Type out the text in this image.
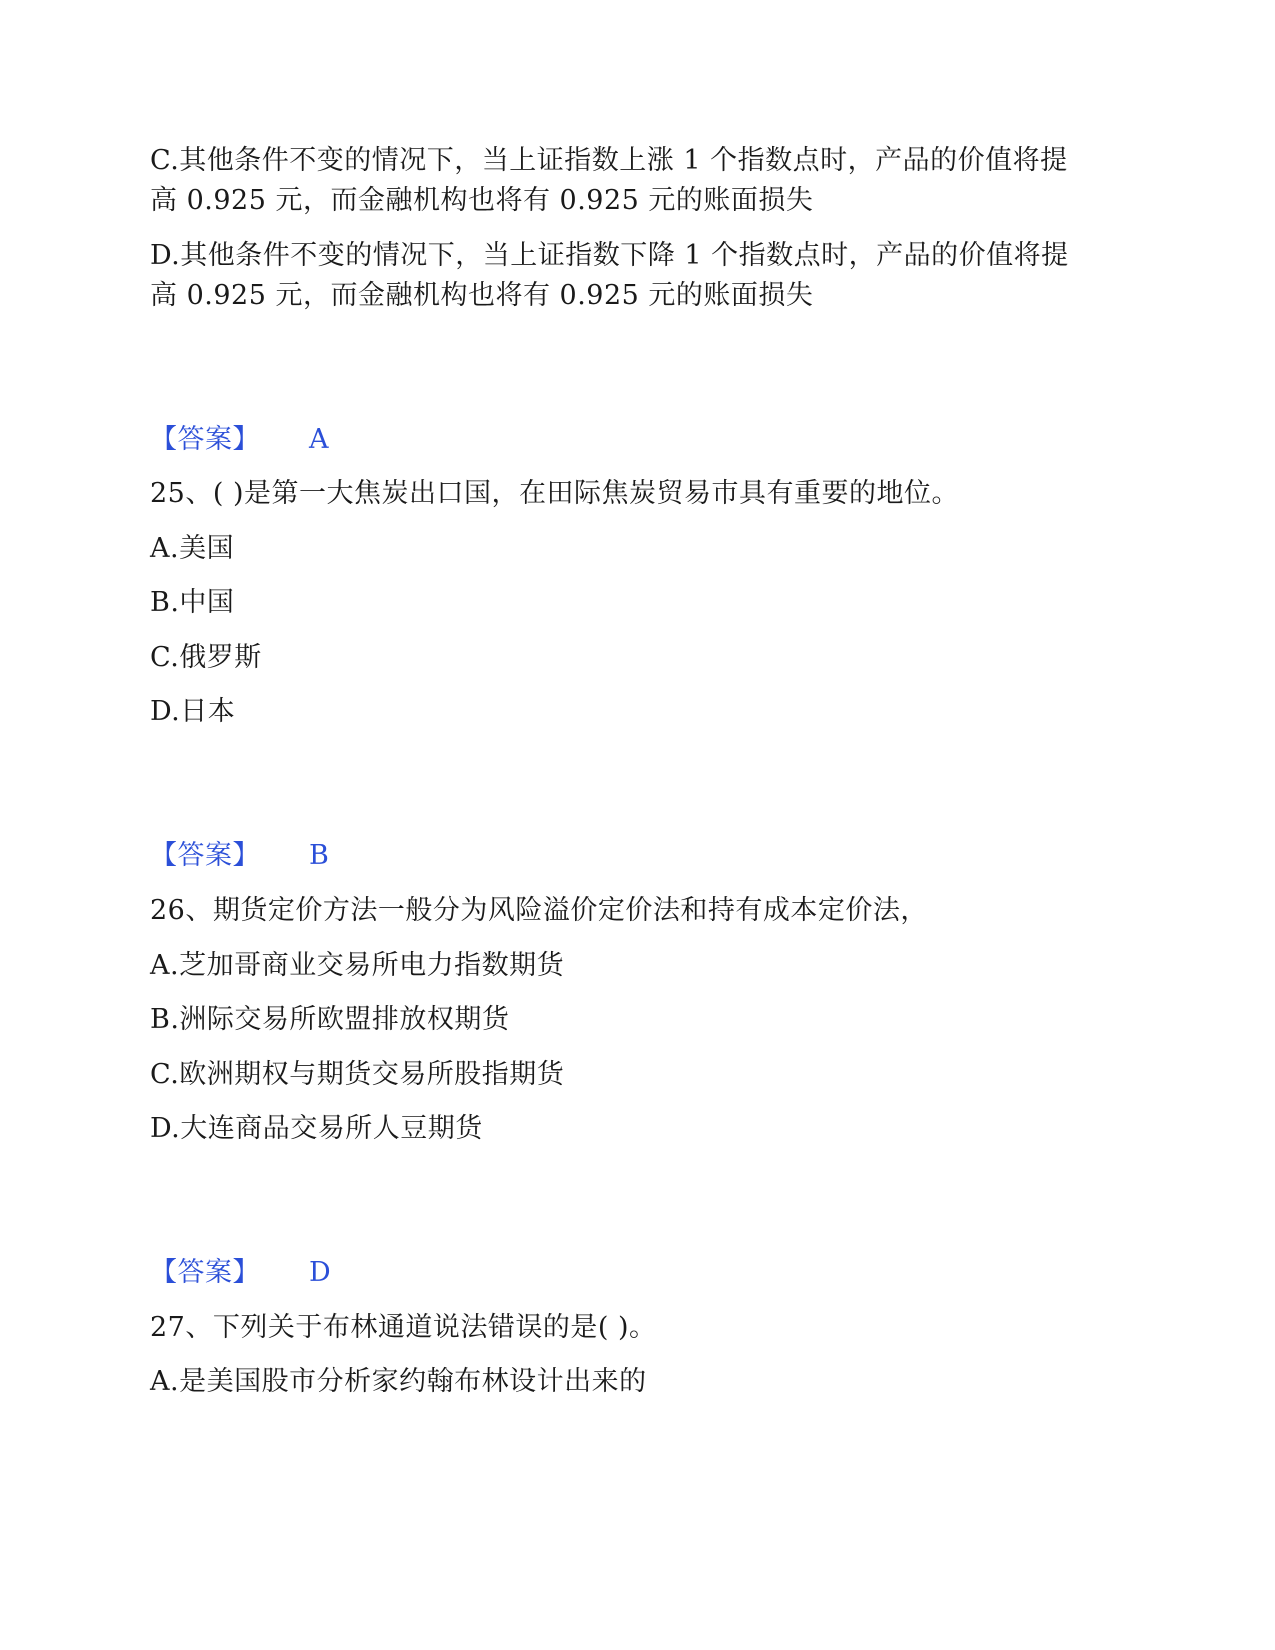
C.其他条件不变的情况下，当上证指数上涨 1 个指数点时，产品的价值将提
高 0.925 元，而金融机构也将有 0.925 元的账面损失
D.其他条件不变的情况下，当上证指数下降 1 个指数点时，产品的价值将提
高 0.925 元，而金融机构也将有 0.925 元的账面损失
【答案】 A
25、( )是第一大焦炭出口国，在田际焦炭贸易巿具有重要的地位。
A.美国
B.中国
C.俄罗斯
D.日本
【答案】 B
26、期货定价方法一般分为风险溢价定价法和持有成本定价法，
A.芝加哥商业交易所电力指数期货
B.洲际交易所欧盟排放权期货
C.欧洲期权与期货交易所股指期货
D.大连商品交易所人豆期货
【答案】 D
27、下列关于布林通道说法错误的是( )。
A.是美国股市分析家约翰布林设计出来的
